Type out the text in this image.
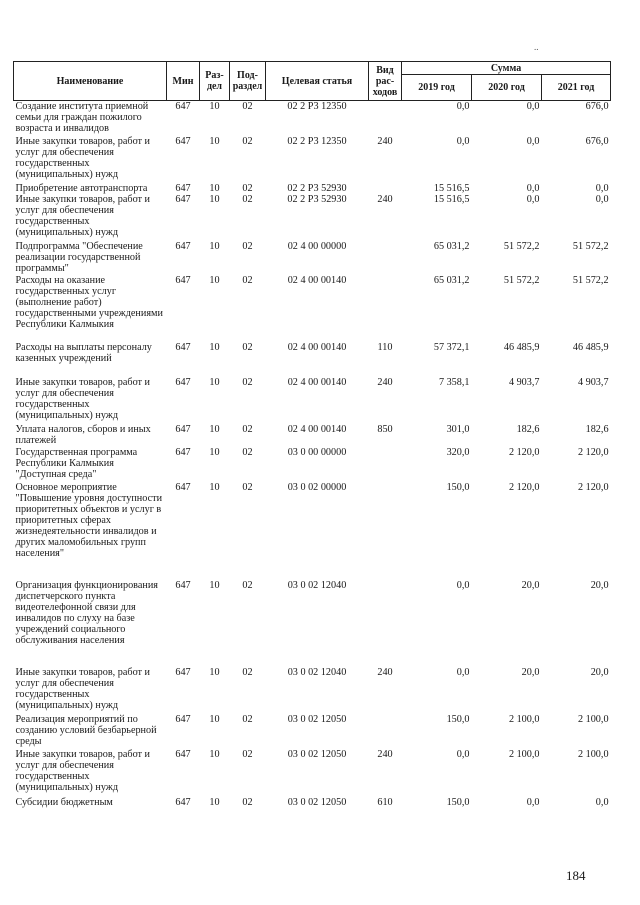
..
Наименование	Мин	Раз-дел	Под-раздел	Целевая статья	Вид рас-ходов	Сумма		
						2019 год	2020 год	2021 год
Создание института приемной семьи для граждан пожилого возраста и инвалидов	647	10	02	02 2 Р3 12350		0,0	0,0	676,0
Иные закупки товаров, работ и услуг для обеспечения государственных (муниципальных) нужд	647	10	02	02 2 Р3 12350	240	0,0	0,0	676,0
Приобретение автотранспорта	647	10	02	02 2 Р3 52930		15 516,5	0,0	0,0
Иные закупки товаров, работ и услуг для обеспечения государственных (муниципальных) нужд	647	10	02	02 2 Р3 52930	240	15 516,5	0,0	0,0
Подпрограмма "Обеспечение реализации государственной программы"	647	10	02	02 4 00 00000		65 031,2	51 572,2	51 572,2
Расходы на оказание государственных услуг (выполнение работ) государственными учреждениями Республики Калмыкия	647	10	02	02 4 00 00140		65 031,2	51 572,2	51 572,2
Расходы на выплаты персоналу казенных учреждений	647	10	02	02 4 00 00140	110	57 372,1	46 485,9	46 485,9
Иные закупки товаров, работ и услуг для обеспечения государственных (муниципальных) нужд	647	10	02	02 4 00 00140	240	7 358,1	4 903,7	4 903,7
Уплата налогов, сборов и иных платежей	647	10	02	02 4 00 00140	850	301,0	182,6	182,6
Государственная программа Республики Калмыкия "Доступная среда"	647	10	02	03 0 00 00000		320,0	2 120,0	2 120,0
Основное мероприятие "Повышение уровня доступности приоритетных объектов и услуг в приоритетных сферах жизнедеятельности инвалидов и других маломобильных групп населения"	647	10	02	03 0 02 00000		150,0	2 120,0	2 120,0
Организация функционирования диспетчерского пункта видеотелефонной связи для инвалидов по слуху на базе учреждений социального обслуживания населения	647	10	02	03 0 02 12040		0,0	20,0	20,0
Иные закупки товаров, работ и услуг для обеспечения государственных (муниципальных) нужд	647	10	02	03 0 02 12040	240	0,0	20,0	20,0
Реализация мероприятий по созданию условий безбарьерной среды	647	10	02	03 0 02 12050		150,0	2 100,0	2 100,0
Иные закупки товаров, работ и услуг для обеспечения государственных (муниципальных) нужд	647	10	02	03 0 02 12050	240	0,0	2 100,0	2 100,0
Субсидии бюджетным	647	10	02	03 0 02 12050	610	150,0	0,0	0,0
184
